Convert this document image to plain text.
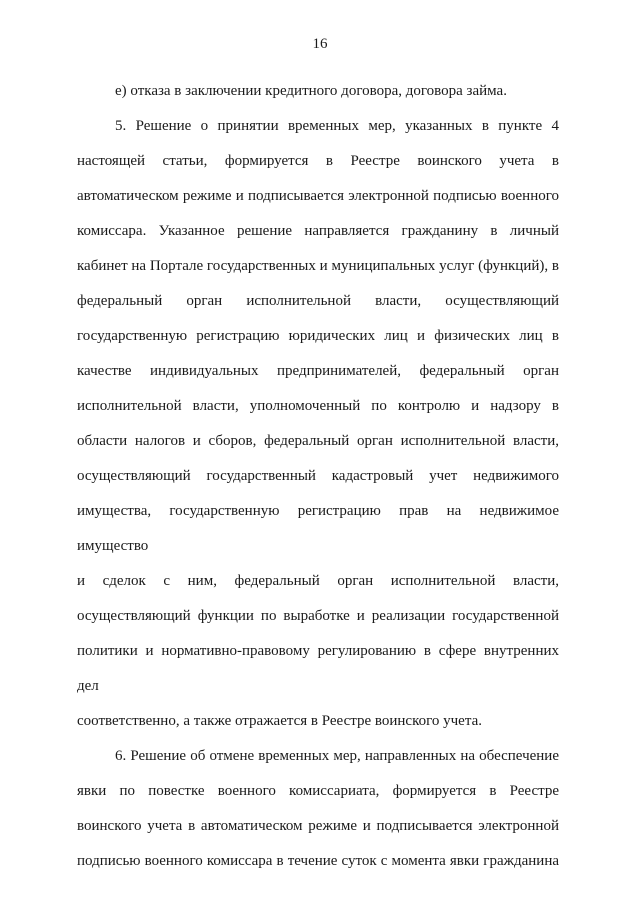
16
е) отказа в заключении кредитного договора, договора займа.
5. Решение о принятии временных мер, указанных в пункте 4
настоящей статьи, формируется в Реестре воинского учета в
автоматическом режиме и подписывается электронной подписью военного
комиссара. Указанное решение направляется гражданину в личный
кабинет на Портале государственных и муниципальных услуг (функций), в
федеральный орган исполнительной власти, осуществляющий
государственную регистрацию юридических лиц и физических лиц в
качестве индивидуальных предпринимателей, федеральный орган
исполнительной власти, уполномоченный по контролю и надзору в
области налогов и сборов, федеральный орган исполнительной власти,
осуществляющий государственный кадастровый учет недвижимого
имущества, государственную регистрацию прав на недвижимое имущество
и сделок с ним, федеральный орган исполнительной власти,
осуществляющий функции по выработке и реализации государственной
политики и нормативно-правовому регулированию в сфере внутренних дел
соответственно, а также отражается в Реестре воинского учета.
6. Решение об отмене временных мер, направленных на обеспечение
явки по повестке военного комиссариата, формируется в Реестре
воинского учета в автоматическом режиме и подписывается электронной
подписью военного комиссара в течение суток с момента явки гражданина
